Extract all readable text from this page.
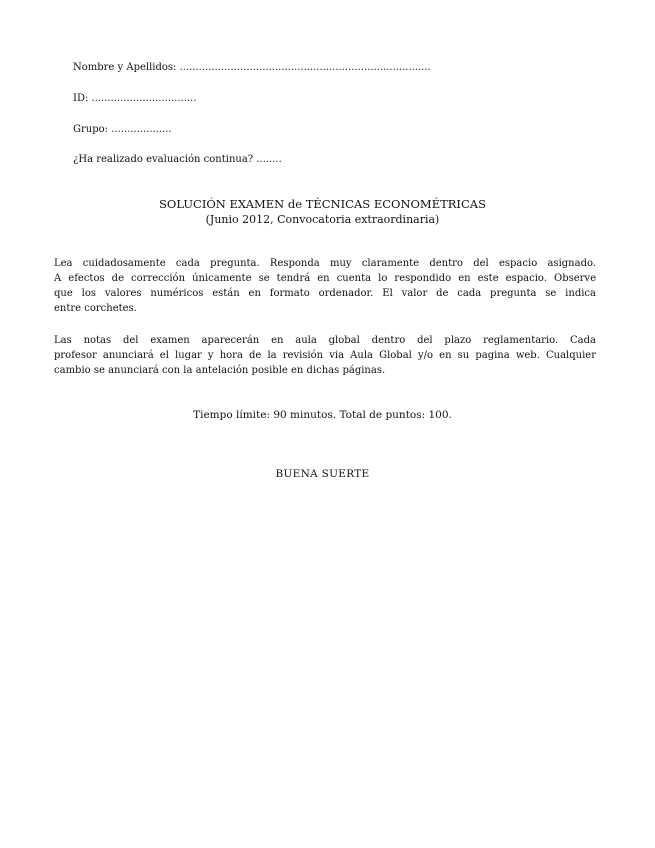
Nombre y Apellidos: ...............................................................................
ID: .................................
Grupo: ...................
¿Ha realizado evaluación continua? ........
SOLUCIÓN EXAMEN de TÉCNICAS ECONOMÉTRICAS
(Junio 2012, Convocatoria extraordinaria)
Lea cuidadosamente cada pregunta. Responda muy claramente dentro del espacio asignado.
A efectos de corrección únicamente se tendrá en cuenta lo respondido en este espacio. Observe
que los valores numéricos están en formato ordenador. El valor de cada pregunta se indica
entre corchetes.
Las notas del examen aparecerán en aula global dentro del plazo reglamentario. Cada
profesor anunciará el lugar y hora de la revisión via Aula Global y/o en su pagina web. Cualquier
cambio se anunciará con la antelación posible en dichas páginas.
Tiempo límite: 90 minutos. Total de puntos: 100.
BUENA SUERTE
